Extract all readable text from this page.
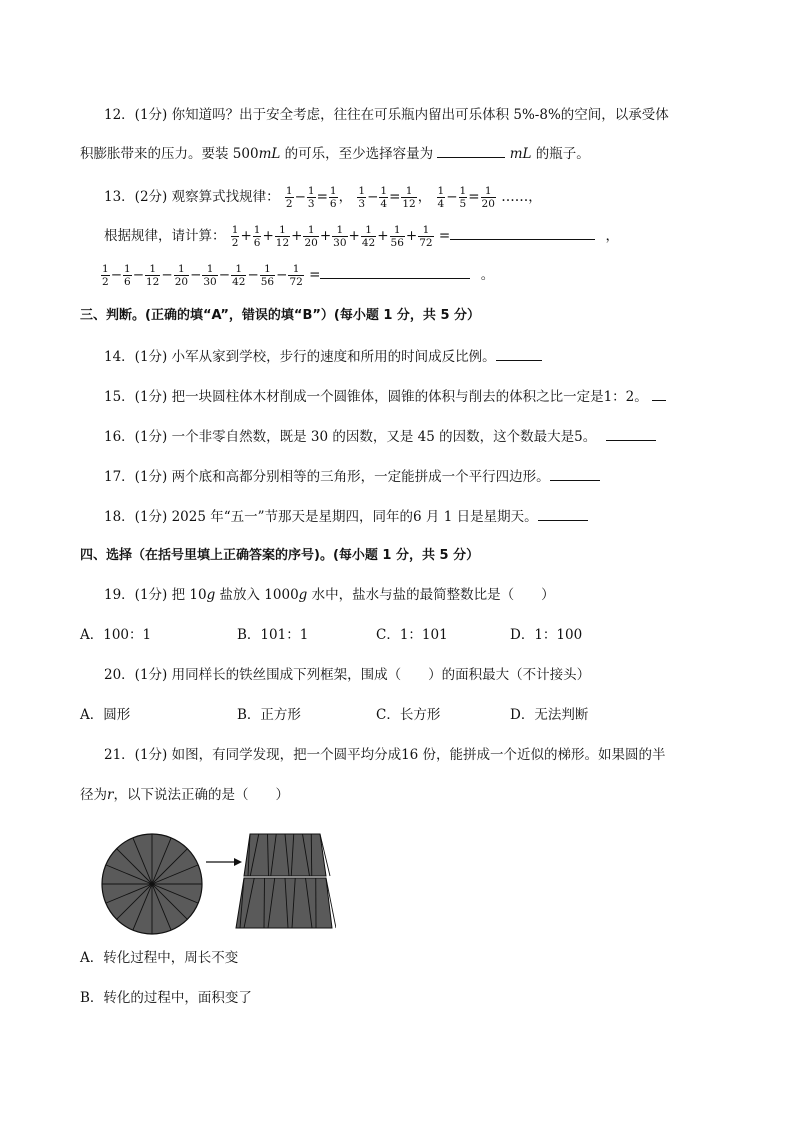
12．(1分) 你知道吗？出于安全考虑，往往在可乐瓶内留出可乐体积 5%-8%的空间，以承受体
积膨胀带来的压力。要装 500mL 的可乐，至少选择容量为	mL 的瓶子。
13．(2分) 观察算式找规律： $\frac{1}{2} - \frac{1}{3} = \frac{1}{6}$ ， $\frac{1}{3} - \frac{1}{4} = \frac{1}{12}$ ， $\frac{1}{4} - \frac{1}{5} = \frac{1}{20}$ ……，
根据规律，请计算： $\frac{1}{2} + \frac{1}{6} + \frac{1}{12} + \frac{1}{20} + \frac{1}{30} + \frac{1}{42} + \frac{1}{56} + \frac{1}{72}$ =	，
$\frac{1}{2} - \frac{1}{6} - \frac{1}{12} - \frac{1}{20} - \frac{1}{30} - \frac{1}{42} - \frac{1}{56} - \frac{1}{72}$ =	。
三、判断。(正确的填“A”，错误的填“B”）(每小题 1 分，共 5 分）
14．(1分) 小军从家到学校，步行的速度和所用的时间成反比例。
15．(1分) 把一块圆柱体木材削成一个圆锥体，圆锥的体积与削去的体积之比一定是1：2。
16．(1分) 一个非零自然数，既是 30 的因数，又是 45 的因数，这个数最大是5。
17．(1分) 两个底和高都分别相等的三角形，一定能拼成一个平行四边形。
18．(1分) 2025 年“五一”节那天是星期四，同年的6 月 1 日是星期天。
四、选择（在括号里填上正确答案的序号)。(每小题 1 分，共 5 分）
19．(1分) 把 10g 盐放入 1000g 水中，盐水与盐的最简整数比是（　　）
A．100：1	B．101：1	C．1：101	D．1：100
20．(1分) 用同样长的铁丝围成下列框架，围成（　　）的面积最大（不计接头）
A．圆形	B．正方形	C．长方形	D．无法判断
21．(1分) 如图，有同学发现，把一个圆平均分成16 份，能拼成一个近似的梯形。如果圆的半
径为r，以下说法正确的是（　　）
A．转化过程中，周长不变
B．转化的过程中，面积变了
